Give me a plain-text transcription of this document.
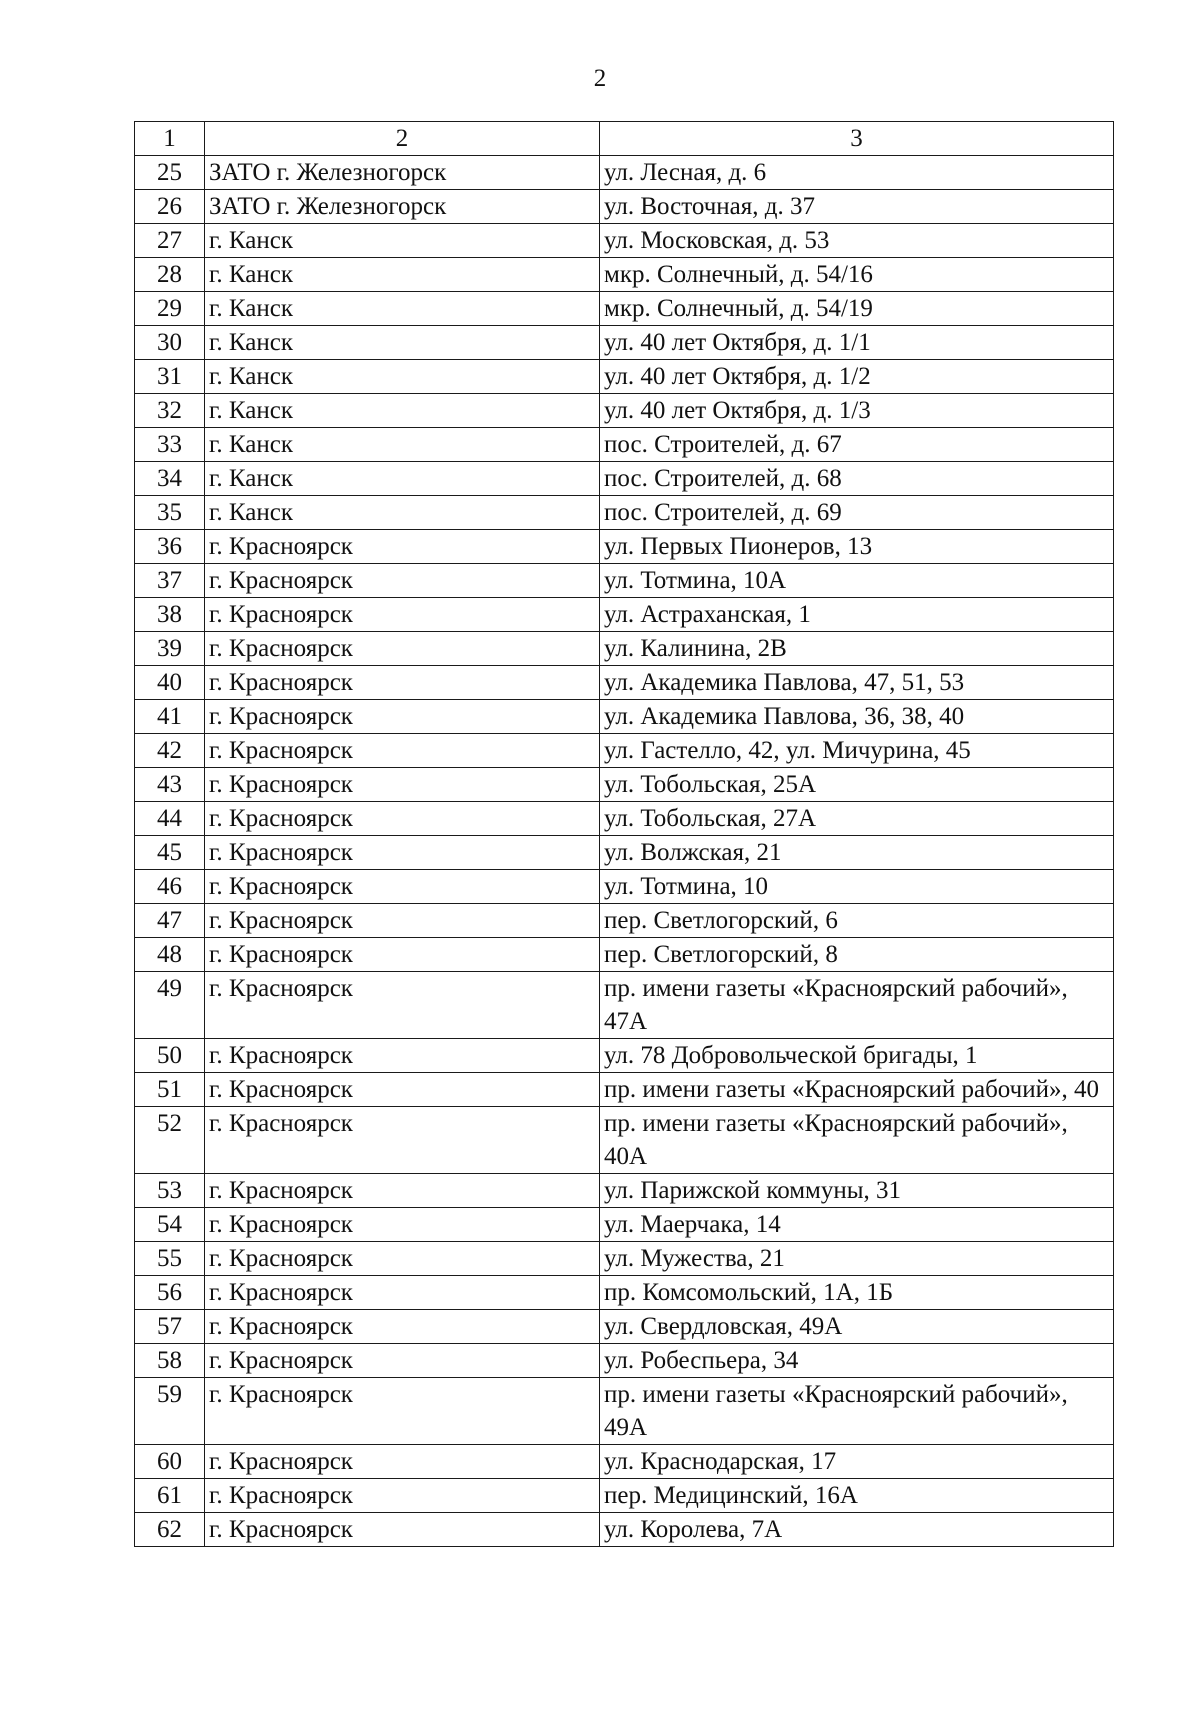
2
1	2	3
25	ЗАТО г. Железногорск	ул. Лесная, д. 6
26	ЗАТО г. Железногорск	ул. Восточная, д. 37
27	г. Канск	ул. Московская, д. 53
28	г. Канск	мкр. Солнечный, д. 54/16
29	г. Канск	мкр. Солнечный, д. 54/19
30	г. Канск	ул. 40 лет Октября, д. 1/1
31	г. Канск	ул. 40 лет Октября, д. 1/2
32	г. Канск	ул. 40 лет Октября, д. 1/3
33	г. Канск	пос. Строителей, д. 67
34	г. Канск	пос. Строителей, д. 68
35	г. Канск	пос. Строителей, д. 69
36	г. Красноярск	ул. Первых Пионеров, 13
37	г. Красноярск	ул. Тотмина, 10А
38	г. Красноярск	ул. Астраханская, 1
39	г. Красноярск	ул. Калинина, 2В
40	г. Красноярск	ул. Академика Павлова, 47, 51, 53
41	г. Красноярск	ул. Академика Павлова, 36, 38, 40
42	г. Красноярск	ул. Гастелло, 42, ул. Мичурина, 45
43	г. Красноярск	ул. Тобольская, 25А
44	г. Красноярск	ул. Тобольская, 27А
45	г. Красноярск	ул. Волжская, 21
46	г. Красноярск	ул. Тотмина, 10
47	г. Красноярск	пер. Светлогорский, 6
48	г. Красноярск	пер. Светлогорский, 8
49	г. Красноярск	пр. имени газеты «Красноярский рабочий», 47А
50	г. Красноярск	ул. 78 Добровольческой бригады, 1
51	г. Красноярск	пр. имени газеты «Красноярский рабочий», 40
52	г. Красноярск	пр. имени газеты «Красноярский рабочий», 40А
53	г. Красноярск	ул. Парижской коммуны, 31
54	г. Красноярск	ул. Маерчака, 14
55	г. Красноярск	ул. Мужества, 21
56	г. Красноярск	пр. Комсомольский, 1А, 1Б
57	г. Красноярск	ул. Свердловская, 49А
58	г. Красноярск	ул. Робеспьера, 34
59	г. Красноярск	пр. имени газеты «Красноярский рабочий», 49А
60	г. Красноярск	ул. Краснодарская, 17
61	г. Красноярск	пер. Медицинский, 16А
62	г. Красноярск	ул. Королева, 7А
